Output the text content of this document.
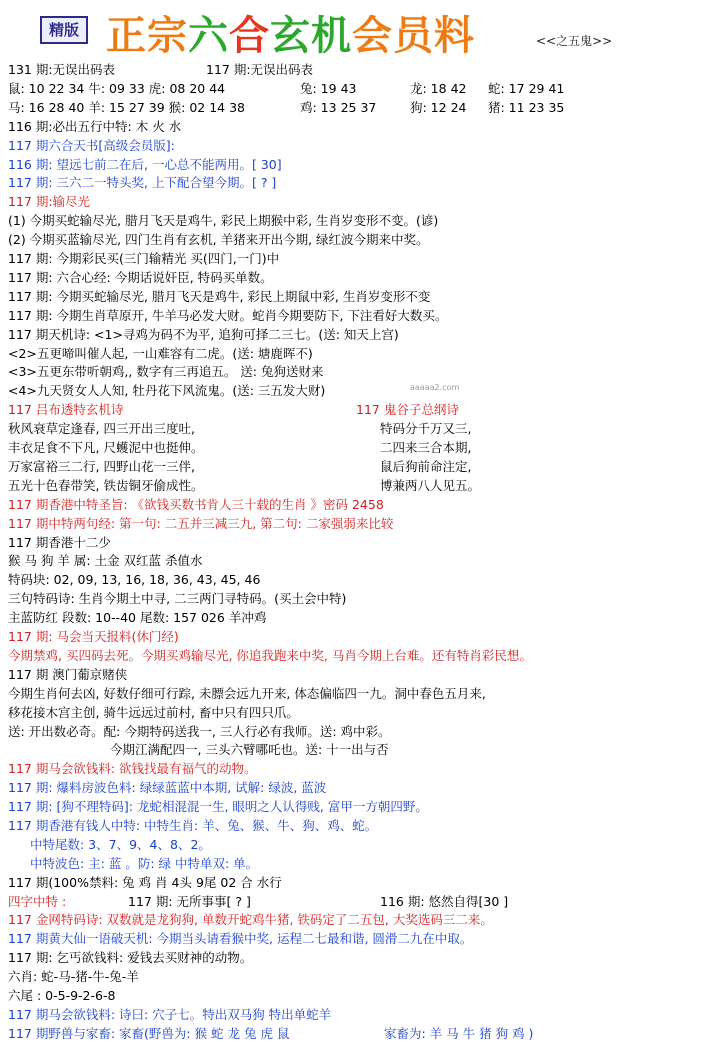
精版 正宗六合玄机会员料	<<之五鬼>>
131 期:无误出码表	117 期:无误出码表
鼠: 10 22 34 牛: 09 33 虎: 08 20 44	兔: 19 43	龙: 18 42 蛇: 17 29 41
马: 16 28 40 羊: 15 27 39 猴: 02 14 38	鸡: 13 25 37	狗: 12 24 猪: 11 23 35
116 期:必出五行中特: 木 火 水
117 期六合天书[高级会员版]:
116 期: 望远七前二在后, 一心总不能两用。[ 30]
117 期: 三六二一特头奖, 上下配合望今期。[ ? ]
117 期:输尽光
(1) 今期买蛇输尽光, 腊月飞天是鸡牛, 彩民上期猴中彩, 生肖岁变形不变。(谚)
(2) 今期买蓝输尽光, 四门生肖有玄机, 羊猪来开出今期, 绿红波今期来中奖。
117 期: 今期彩民买(三门输精光 买(四门,一门)中
117 期: 六合心经: 今期话说奸臣, 特码买单数。
117 期: 今期买蛇输尽光, 腊月飞天是鸡牛, 彩民上期鼠中彩, 生肖岁变形不变
117 期: 今期生肖草原开, 牛羊马必发大财。蛇肖今期要防下, 下注看好大数买。
117 期天机诗: <1>寻鸡为码不为平, 追狗可择二三七。(送: 知天上宫)
<2>五更啼叫催人起, 一山难容有二虎。(送: 塘鹿晖不)
<3>五更东带听朝鸡,, 数字有三再追五。 送: 兔狗送财来
<4>九天贤女人人知, 牡丹花下风流鬼。(送: 三五发大财)
117 吕布透特玄机诗	117 鬼谷子总纲诗
秋风衰草定逢春, 四三开出三度吐,	特码分千万又三,
丰衣足食不下凡, 尺蠖泥中也挺伸。	二四来三合本期,
万家富裕三二行, 四野山花一三伴,	鼠后狗前命注定,
五光十色春带笑, 铁齿铜牙偷成性。	博兼两八人见五。
117 期香港中特圣旨: 《欲钱买数书肯人三十载的生肖 》密码 2458
117 期中特两句经: 第一句: 二五并三减三九, 第二句: 二家强弱来比较
117 期香港十二少
猴 马 狗 羊 属: 土金 双红蓝 杀值水
特码块: 02, 09, 13, 16, 18, 36, 43, 45, 46
三句特码诗: 生肖今期土中寻, 二三两门寻特码。(买土会中特)
主蓝防红 段数: 10--40 尾数: 157 026 羊冲鸡
117 期: 马会当天报料(休门经)
今期禁鸡, 买四码去死。今期买鸡输尽光, 你追我跑来中奖, 马肖今期上台难。还有特肖彩民想。
117 期 澳门葡京赌侠
今期生肖何去凶, 好数仔细可行踪, 未膘会远九开来, 体态偏临四一九。洞中春色五月来,
移花接木宫主创, 骑牛远远过前村, 畜中只有四只爪。
送: 开出数必奇。配: 今期特码送我一, 三人行必有我师。送: 鸡中彩。
今期江满配四一, 三头六臂哪吒也。送: 十一出与否
117 期马会欲钱料: 欲钱找最有福气的动物。
117 期: 爆料房波色料: 绿绿蓝蓝中本期, 试解: 绿波, 蓝波
117 期: [狗不理特码]: 龙蛇相混混一生, 眼明之人认得贱, 富甲一方朝四野。
117 期香港有钱人中特: 中特生肖: 羊、兔、猴、牛、狗、鸡、蛇。
中特尾数: 3、7、9、4、8、2。
中特波色: 主: 蓝 。防: 绿 中特单双: 单。
117 期(100%禁料: 兔 鸡 肖 4头 9尾 02 合 水行
四字中特 :	117 期: 无所事事[ ? ]	116 期: 悠然自得[30 ]
117 金网特码诗: 双数就是龙狗狗, 单数开蛇鸡牛猪, 铁码定了二五包, 大奖选码三二来。
117 期黄大仙一语破天机: 今期当头请看猴中奖, 运程二七最和谐, 圆滑二九在中取。
117 期: 乞丐欲钱料: 爱钱去买财神的动物。
六肖: 蛇-马-猪-牛-兔-羊
六尾 : 0-5-9-2-6-8
117 期马会欲钱料: 诗曰: 穴子七。特出双马狗 特出单蛇羊
117 期野兽与家畜: 家畜(野兽为: 猴 蛇 龙 兔 虎 鼠	家畜为: 羊 马 牛 猪 狗 鸡 )
aaaaa2.com
